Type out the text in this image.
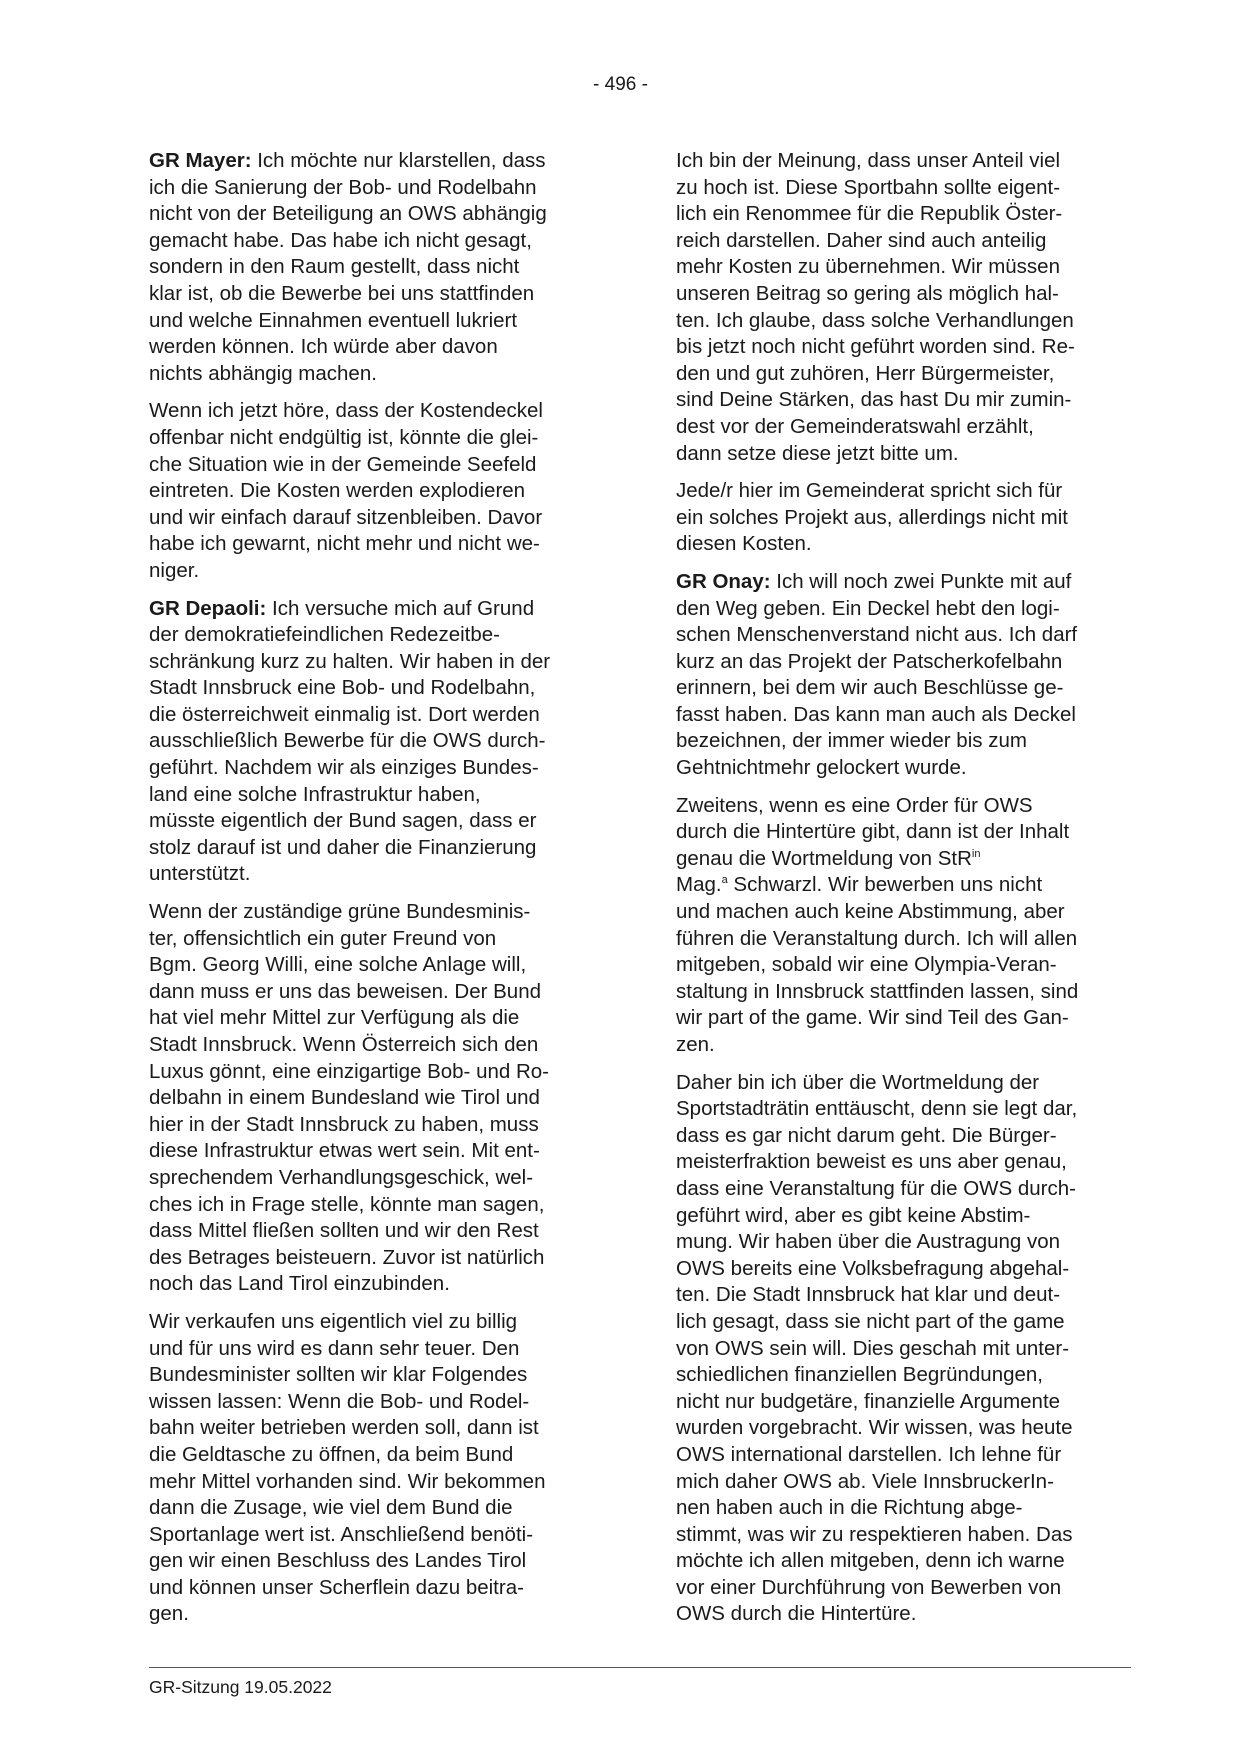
- 496 -

GR Mayer: Ich möchte nur klarstellen, dass
ich die Sanierung der Bob- und Rodelbahn
nicht von der Beteiligung an OWS abhängig
gemacht habe. Das habe ich nicht gesagt,
sondern in den Raum gestellt, dass nicht
klar ist, ob die Bewerbe bei uns stattfinden
und welche Einnahmen eventuell lukriert
werden können. Ich würde aber davon
nichts abhängig machen.

Wenn ich jetzt höre, dass der Kostendeckel
offenbar nicht endgültig ist, könnte die glei-
che Situation wie in der Gemeinde Seefeld
eintreten. Die Kosten werden explodieren
und wir einfach darauf sitzenbleiben. Davor
habe ich gewarnt, nicht mehr und nicht we-
niger.

GR Depaoli: Ich versuche mich auf Grund
der demokratiefeindlichen Redezeitbe-
schränkung kurz zu halten. Wir haben in der
Stadt Innsbruck eine Bob- und Rodelbahn,
die österreichweit einmalig ist. Dort werden
ausschließlich Bewerbe für die OWS durch-
geführt. Nachdem wir als einziges Bundes-
land eine solche Infrastruktur haben,
müsste eigentlich der Bund sagen, dass er
stolz darauf ist und daher die Finanzierung
unterstützt.

Wenn der zuständige grüne Bundesminis-
ter, offensichtlich ein guter Freund von
Bgm. Georg Willi, eine solche Anlage will,
dann muss er uns das beweisen. Der Bund
hat viel mehr Mittel zur Verfügung als die
Stadt Innsbruck. Wenn Österreich sich den
Luxus gönnt, eine einzigartige Bob- und Ro-
delbahn in einem Bundesland wie Tirol und
hier in der Stadt Innsbruck zu haben, muss
diese Infrastruktur etwas wert sein. Mit ent-
sprechendem Verhandlungsgeschick, wel-
ches ich in Frage stelle, könnte man sagen,
dass Mittel fließen sollten und wir den Rest
des Betrages beisteuern. Zuvor ist natürlich
noch das Land Tirol einzubinden.

Wir verkaufen uns eigentlich viel zu billig
und für uns wird es dann sehr teuer. Den
Bundesminister sollten wir klar Folgendes
wissen lassen: Wenn die Bob- und Rodel-
bahn weiter betrieben werden soll, dann ist
die Geldtasche zu öffnen, da beim Bund
mehr Mittel vorhanden sind. Wir bekommen
dann die Zusage, wie viel dem Bund die
Sportanlage wert ist. Anschließend benöti-
gen wir einen Beschluss des Landes Tirol
und können unser Scherflein dazu beitra-
gen.

Ich bin der Meinung, dass unser Anteil viel
zu hoch ist. Diese Sportbahn sollte eigent-
lich ein Renommee für die Republik Öster-
reich darstellen. Daher sind auch anteilig
mehr Kosten zu übernehmen. Wir müssen
unseren Beitrag so gering als möglich hal-
ten. Ich glaube, dass solche Verhandlungen
bis jetzt noch nicht geführt worden sind. Re-
den und gut zuhören, Herr Bürgermeister,
sind Deine Stärken, das hast Du mir zumin-
dest vor der Gemeinderatswahl erzählt,
dann setze diese jetzt bitte um.

Jede/r hier im Gemeinderat spricht sich für
ein solches Projekt aus, allerdings nicht mit
diesen Kosten.

GR Onay: Ich will noch zwei Punkte mit auf
den Weg geben. Ein Deckel hebt den logi-
schen Menschenverstand nicht aus. Ich darf
kurz an das Projekt der Patscherkofelbahn
erinnern, bei dem wir auch Beschlüsse ge-
fasst haben. Das kann man auch als Deckel
bezeichnen, der immer wieder bis zum
Gehtnichtmehr gelockert wurde.

Zweitens, wenn es eine Order für OWS
durch die Hintertüre gibt, dann ist der Inhalt
genau die Wortmeldung von StR$^{in}$
Mag.$^a$ Schwarzl. Wir bewerben uns nicht
und machen auch keine Abstimmung, aber
führen die Veranstaltung durch. Ich will allen
mitgeben, sobald wir eine Olympia-Veran-
staltung in Innsbruck stattfinden lassen, sind
wir part of the game. Wir sind Teil des Gan-
zen.

Daher bin ich über die Wortmeldung der
Sportstadträtin enttäuscht, denn sie legt dar,
dass es gar nicht darum geht. Die Bürger-
meisterfraktion beweist es uns aber genau,
dass eine Veranstaltung für die OWS durch-
geführt wird, aber es gibt keine Abstim-
mung. Wir haben über die Austragung von
OWS bereits eine Volksbefragung abgehal-
ten. Die Stadt Innsbruck hat klar und deut-
lich gesagt, dass sie nicht part of the game
von OWS sein will. Dies geschah mit unter-
schiedlichen finanziellen Begründungen,
nicht nur budgetäre, finanzielle Argumente
wurden vorgebracht. Wir wissen, was heute
OWS international darstellen. Ich lehne für
mich daher OWS ab. Viele InnsbruckerIn-
nen haben auch in die Richtung abge-
stimmt, was wir zu respektieren haben. Das
möchte ich allen mitgeben, denn ich warne
vor einer Durchführung von Bewerben von
OWS durch die Hintertüre.

GR-Sitzung 19.05.2022
